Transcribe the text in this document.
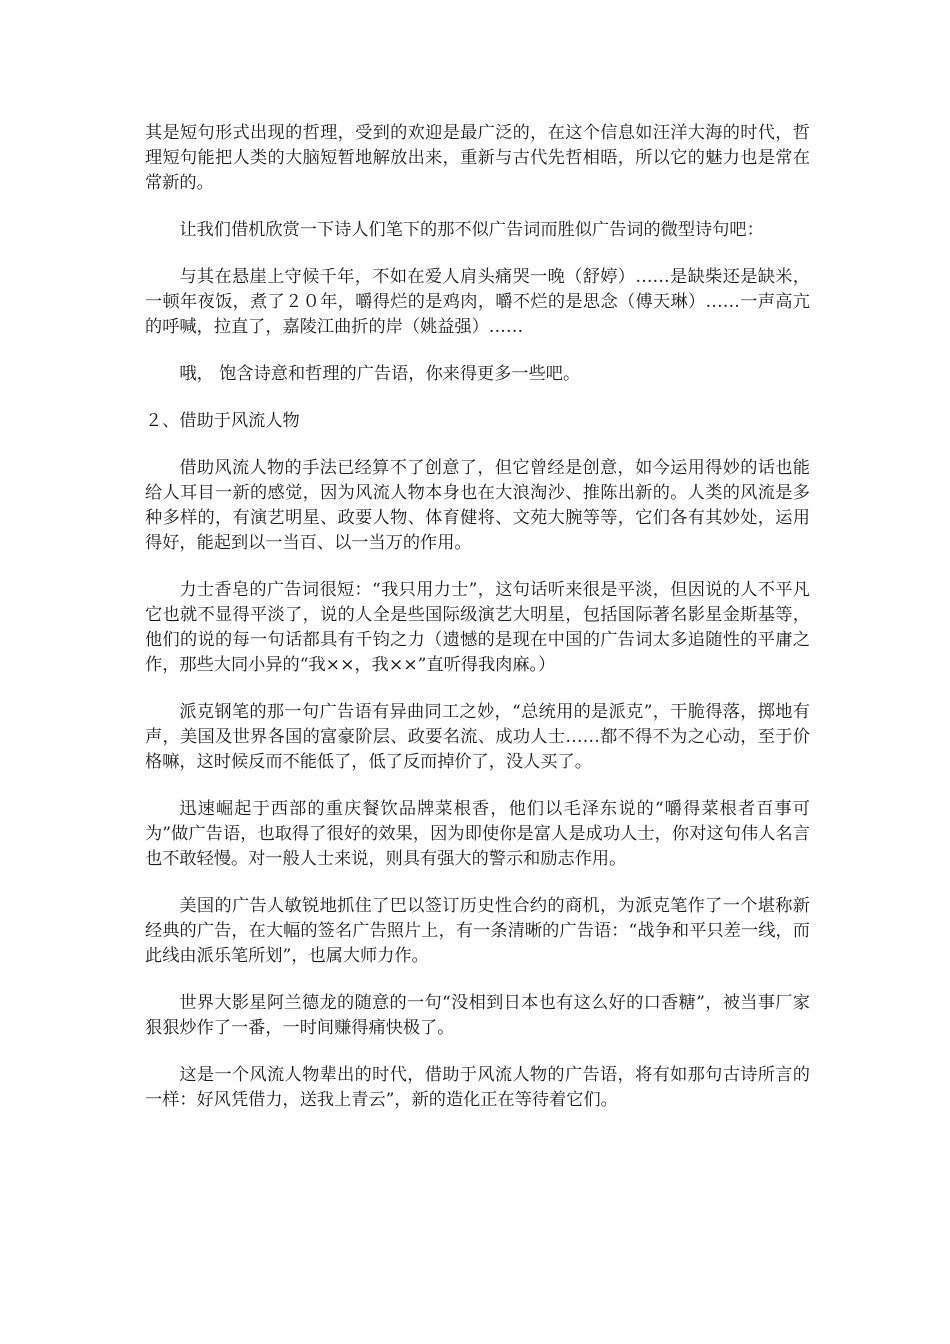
其是短句形式出现的哲理，受到的欢迎是最广泛的，在这个信息如汪洋大海的时代，哲理短句能把人类的大脑短暂地解放出来，重新与古代先哲相晤，所以它的魅力也是常在常新的。

让我们借机欣赏一下诗人们笔下的那不似广告词而胜似广告词的微型诗句吧：

与其在悬崖上守候千年，不如在爱人肩头痛哭一晚（舒婷）……是缺柴还是缺米，一顿年夜饭，煮了２０年，嚼得烂的是鸡肉，嚼不烂的是思念（傅天琳）……一声高亢的呼喊，拉直了，嘉陵江曲折的岸（姚益强）……

哦， 饱含诗意和哲理的广告语，你来得更多一些吧。

２、借助于风流人物

借助风流人物的手法已经算不了创意了，但它曾经是创意，如今运用得妙的话也能给人耳目一新的感觉，因为风流人物本身也在大浪淘沙、推陈出新的。人类的风流是多种多样的，有演艺明星、政要人物、体育健将、文苑大腕等等，它们各有其妙处，运用得好，能起到以一当百、以一当万的作用。

力士香皂的广告词很短：“我只用力士”，这句话听来很是平淡，但因说的人不平凡它也就不显得平淡了，说的人全是些国际级演艺大明星，包括国际著名影星金斯基等，他们的说的每一句话都具有千钧之力（遗憾的是现在中国的广告词太多追随性的平庸之作，那些大同小异的“我××，我××”直听得我肉麻。）

派克钢笔的那一句广告语有异曲同工之妙，“总统用的是派克”，干脆得落，掷地有声，美国及世界各国的富豪阶层、政要名流、成功人士……都不得不为之心动，至于价格嘛，这时候反而不能低了，低了反而掉价了，没人买了。

迅速崛起于西部的重庆餐饮品牌菜根香，他们以毛泽东说的“嚼得菜根者百事可为”做广告语，也取得了很好的效果，因为即使你是富人是成功人士，你对这句伟人名言也不敢轻慢。对一般人士来说，则具有强大的警示和励志作用。

美国的广告人敏锐地抓住了巴以签订历史性合约的商机，为派克笔作了一个堪称新经典的广告，在大幅的签名广告照片上，有一条清晰的广告语：“战争和平只差一线，而此线由派乐笔所划”，也属大师力作。

世界大影星阿兰德龙的随意的一句“没相到日本也有这么好的口香糖”，被当事厂家狠狠炒作了一番，一时间赚得痛快极了。

这是一个风流人物辈出的时代，借助于风流人物的广告语，将有如那句古诗所言的一样：好风凭借力，送我上青云”，新的造化正在等待着它们。
